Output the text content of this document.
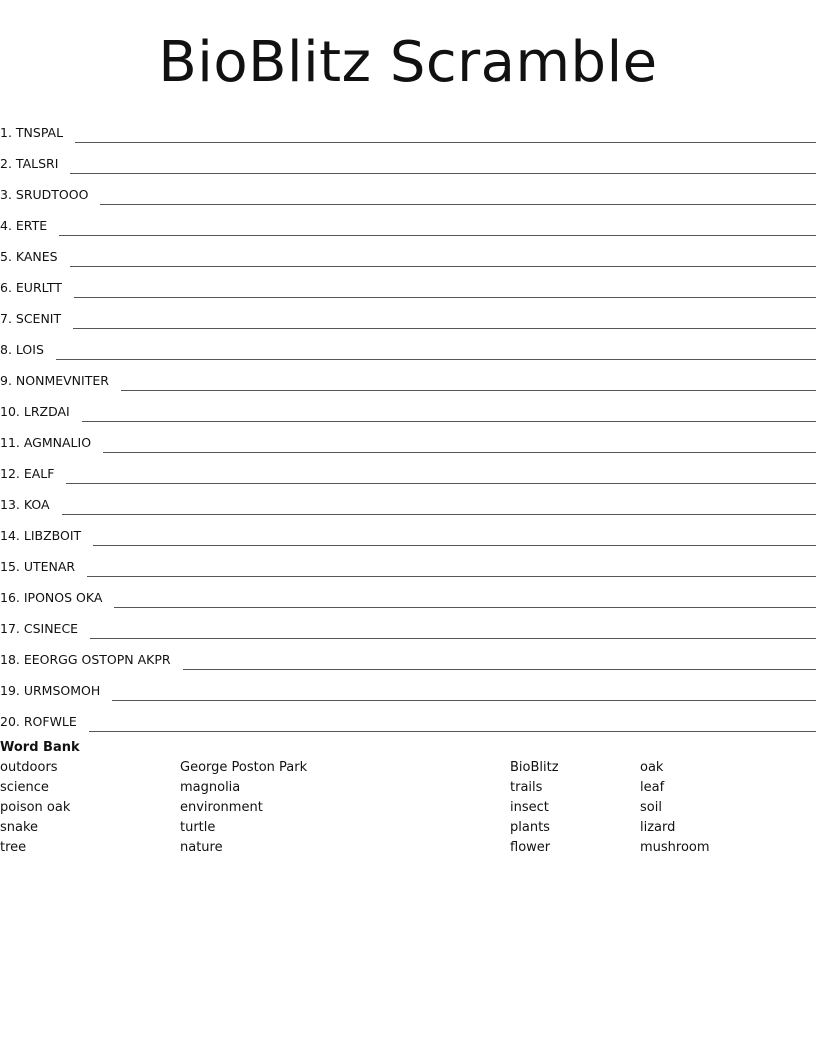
BioBlitz Scramble
1. TNSPAL
2. TALSRI
3. SRUDTOOO
4. ERTE
5. KANES
6. EURLTT
7. SCENIT
8. LOIS
9. NONMEVNITER
10. LRZDAI
11. AGMNALIO
12. EALF
13. KOA
14. LIBZBOIT
15. UTENAR
16. IPONOS OKA
17. CSINECE
18. EEORGG OSTOPN AKPR
19. URMSOMOH
20. ROFWLE
Word Bank
outdoors
science
poison oak
snake
tree
George Poston Park
magnolia
environment
turtle
nature
BioBlitz
trails
insect
plants
flower
oak
leaf
soil
lizard
mushroom
